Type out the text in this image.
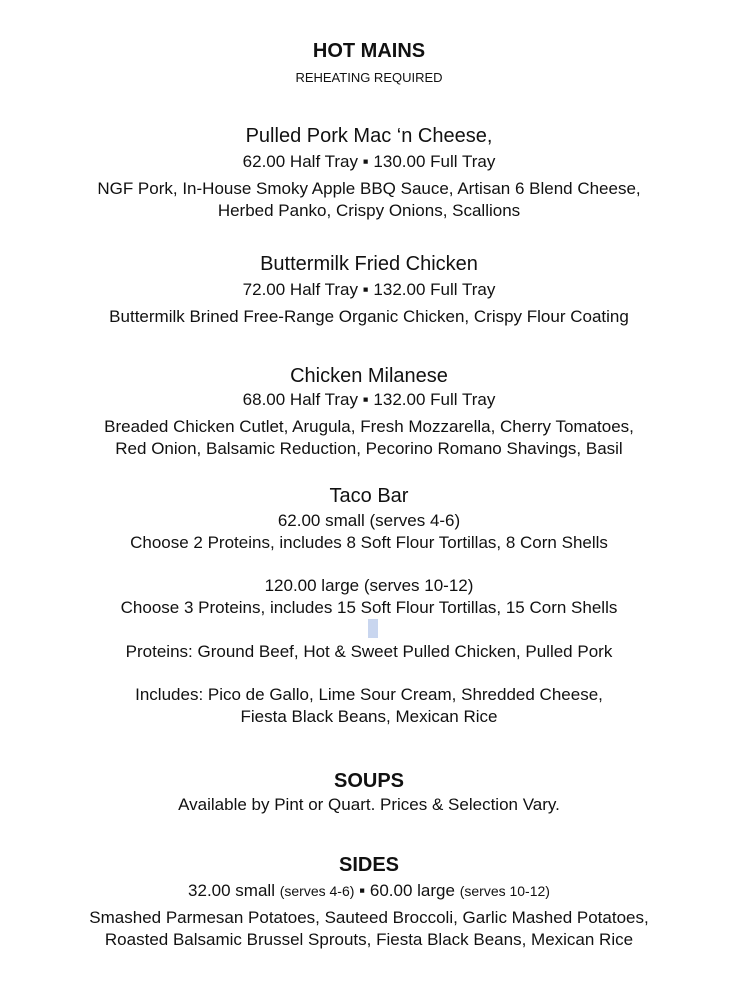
HOT MAINS
REHEATING REQUIRED
Pulled Pork Mac ‘n Cheese,
62.00 Half Tray ▪ 130.00 Full Tray
NGF Pork, In-House Smoky Apple BBQ Sauce, Artisan 6 Blend Cheese,
Herbed Panko, Crispy Onions, Scallions
Buttermilk Fried Chicken
72.00 Half Tray ▪ 132.00 Full Tray
Buttermilk Brined Free-Range Organic Chicken, Crispy Flour Coating
Chicken Milanese
68.00 Half Tray ▪ 132.00 Full Tray
Breaded Chicken Cutlet, Arugula, Fresh Mozzarella, Cherry Tomatoes,
Red Onion, Balsamic Reduction, Pecorino Romano Shavings, Basil
Taco Bar
62.00 small (serves 4-6)
Choose 2 Proteins, includes 8 Soft Flour Tortillas, 8 Corn Shells
120.00 large (serves 10-12)
Choose 3 Proteins, includes 15 Soft Flour Tortillas, 15 Corn Shells
Proteins: Ground Beef, Hot & Sweet Pulled Chicken, Pulled Pork
Includes: Pico de Gallo, Lime Sour Cream, Shredded Cheese,
Fiesta Black Beans, Mexican Rice
SOUPS
Available by Pint or Quart. Prices & Selection Vary.
SIDES
32.00 small (serves 4-6) ▪ 60.00 large (serves 10-12)
Smashed Parmesan Potatoes, Sauteed Broccoli, Garlic Mashed Potatoes,
Roasted Balsamic Brussel Sprouts, Fiesta Black Beans, Mexican Rice
